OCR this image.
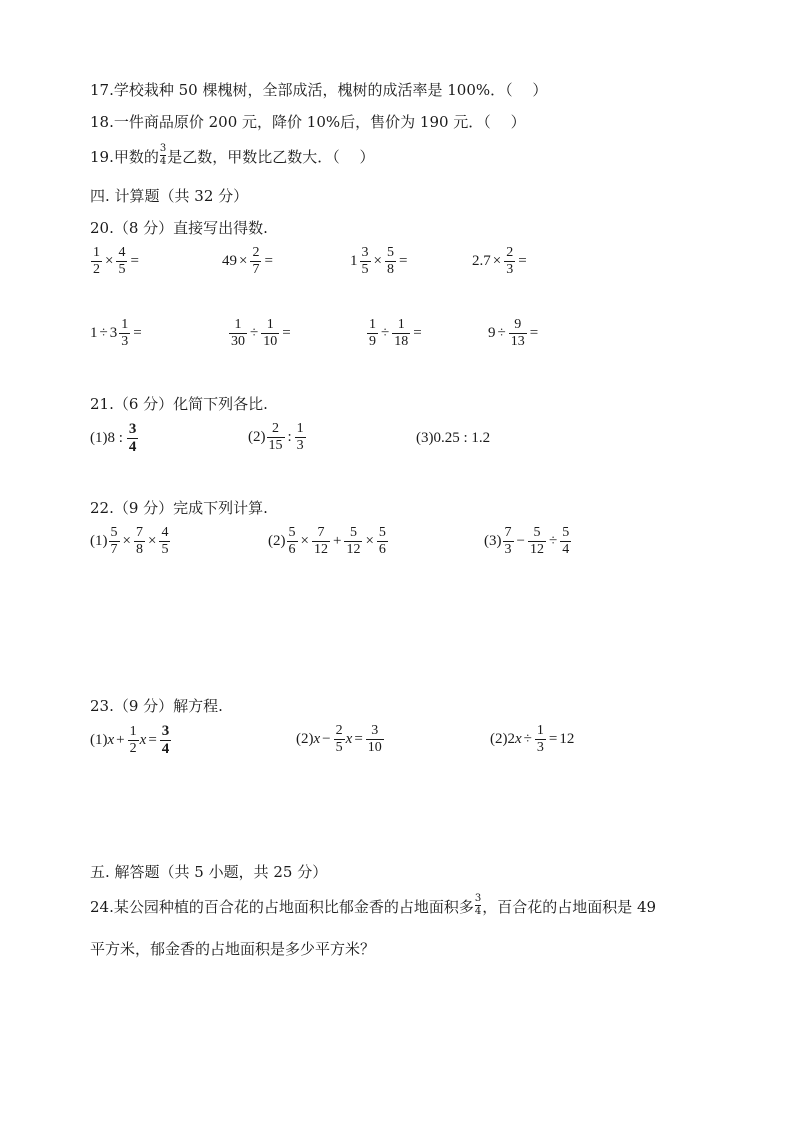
17.学校栽种 50 棵槐树，全部成活，槐树的成活率是 100%．（　 ）
18.一件商品原价 200 元，降价 10%后，售价为 190 元．（　 ）
19.甲数的 $\frac{3}{4}$ 是乙数，甲数比乙数大．（　 ）
四. 计算题（共 32 分）
20.（8 分）直接写出得数.
$\frac{1}{2} \times \frac{4}{5}$ =	$49 \times \frac{2}{7}$ =	$1 \frac{3}{5} \times \frac{5}{8}$ =	$2.7 \times \frac{2}{3}$ =
$1 \div 3 \frac{1}{3}$ =	$\frac{1}{30} \div \frac{1}{10}$ =	$\frac{1}{9} \div \frac{1}{18}$ =	$9 \div \frac{9}{13}$ =
21.（6 分）化简下列各比.
(1)8 : $\frac{3}{4}$	$(2) \frac{2}{15}$ : $\frac{1}{3}$	(3)0.25 : 1.2
22.（9 分）完成下列计算.
$(1) \frac{5}{7} \times \frac{7}{8} \times \frac{4}{5}$	$(2) \frac{5}{6} \times \frac{7}{12} + \frac{5}{12} \times \frac{5}{6}$	$(3) \frac{7}{3} - \frac{5}{12} \div \frac{5}{4}$
23.（9 分）解方程.
(1) $x + \frac{1}{2}$ $x = \frac{3}{4}$	(2) $x - \frac{2}{5}$ $x = \frac{3}{10}$	(2)2 $x \div \frac{1}{3} = 12$
五. 解答题（共 5 小题，共 25 分）
24.某公园种植的百合花的占地面积比郁金香的占地面积多 $\frac{3}{4}$ ，百合花的占地面积是 49
平方米，郁金香的占地面积是多少平方米？
